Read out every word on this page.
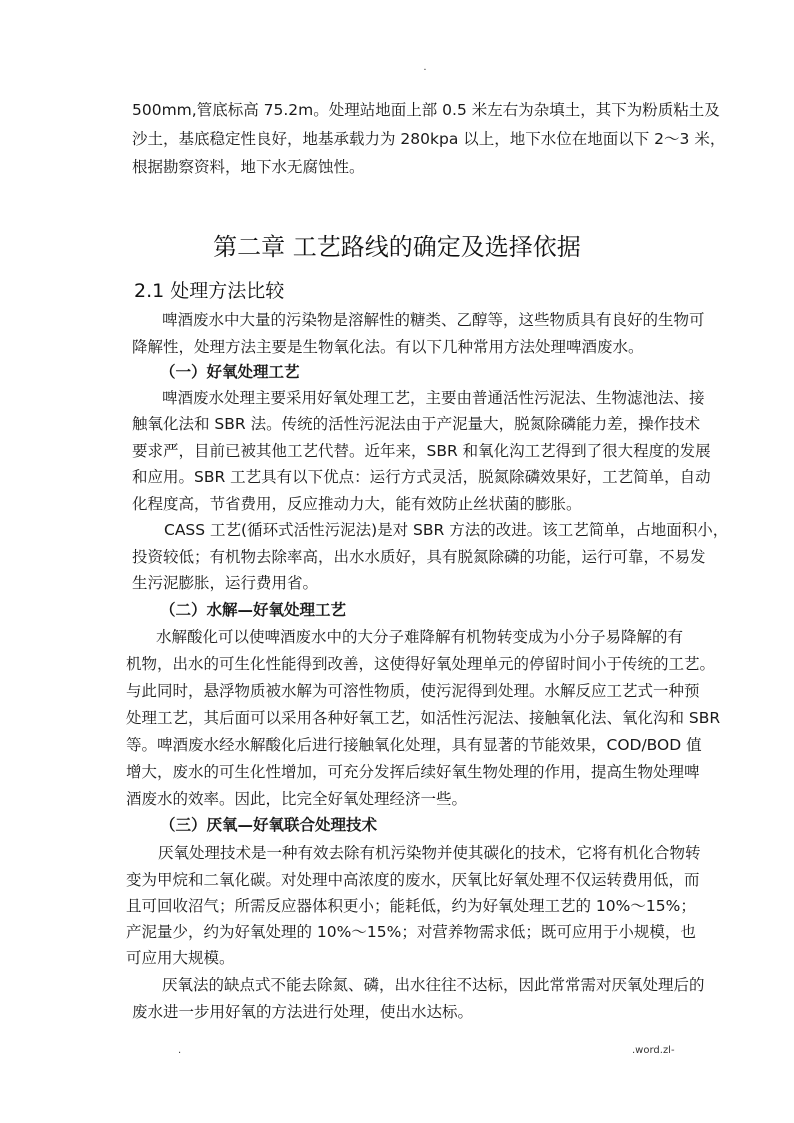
.
500mm,管底标高 75.2m。处理站地面上部 0.5 米左右为杂填土，其下为粉质粘土及
沙土，基底稳定性良好，地基承载力为 280kpa 以上，地下水位在地面以下 2～3 米，
根据勘察资料，地下水无腐蚀性。
第二章 工艺路线的确定及选择依据
2.1 处理方法比较
啤酒废水中大量的污染物是溶解性的糖类、乙醇等，这些物质具有良好的生物可
降解性，处理方法主要是生物氧化法。有以下几种常用方法处理啤酒废水。
（一）好氧处理工艺
啤酒废水处理主要采用好氧处理工艺，主要由普通活性污泥法、生物滤池法、接
触氧化法和 SBR 法。传统的活性污泥法由于产泥量大，脱氮除磷能力差，操作技术
要求严，目前已被其他工艺代替。近年来，SBR 和氧化沟工艺得到了很大程度的发展
和应用。SBR 工艺具有以下优点：运行方式灵活，脱氮除磷效果好，工艺简单，自动
化程度高，节省费用，反应推动力大，能有效防止丝状菌的膨胀。
CASS 工艺(循环式活性污泥法)是对 SBR 方法的改进。该工艺简单，占地面积小，
投资较低；有机物去除率高，出水水质好，具有脱氮除磷的功能，运行可靠，不易发
生污泥膨胀，运行费用省。
（二）水解—好氧处理工艺
水解酸化可以使啤酒废水中的大分子难降解有机物转变成为小分子易降解的有
机物，出水的可生化性能得到改善，这使得好氧处理单元的停留时间小于传统的工艺。
与此同时，悬浮物质被水解为可溶性物质，使污泥得到处理。水解反应工艺式一种预
处理工艺，其后面可以采用各种好氧工艺，如活性污泥法、接触氧化法、氧化沟和 SBR
等。啤酒废水经水解酸化后进行接触氧化处理，具有显著的节能效果，COD/BOD 值
增大，废水的可生化性增加，可充分发挥后续好氧生物处理的作用，提高生物处理啤
酒废水的效率。因此，比完全好氧处理经济一些。
（三）厌氧—好氧联合处理技术
厌氧处理技术是一种有效去除有机污染物并使其碳化的技术，它将有机化合物转
变为甲烷和二氧化碳。对处理中高浓度的废水，厌氧比好氧处理不仅运转费用低，而
且可回收沼气；所需反应器体积更小；能耗低，约为好氧处理工艺的 10%～15%；
产泥量少，约为好氧处理的 10%～15%；对营养物需求低；既可应用于小规模，也
可应用大规模。
厌氧法的缺点式不能去除氮、磷，出水往往不达标，因此常常需对厌氧处理后的
废水进一步用好氧的方法进行处理，使出水达标。
.	.word.zl-
